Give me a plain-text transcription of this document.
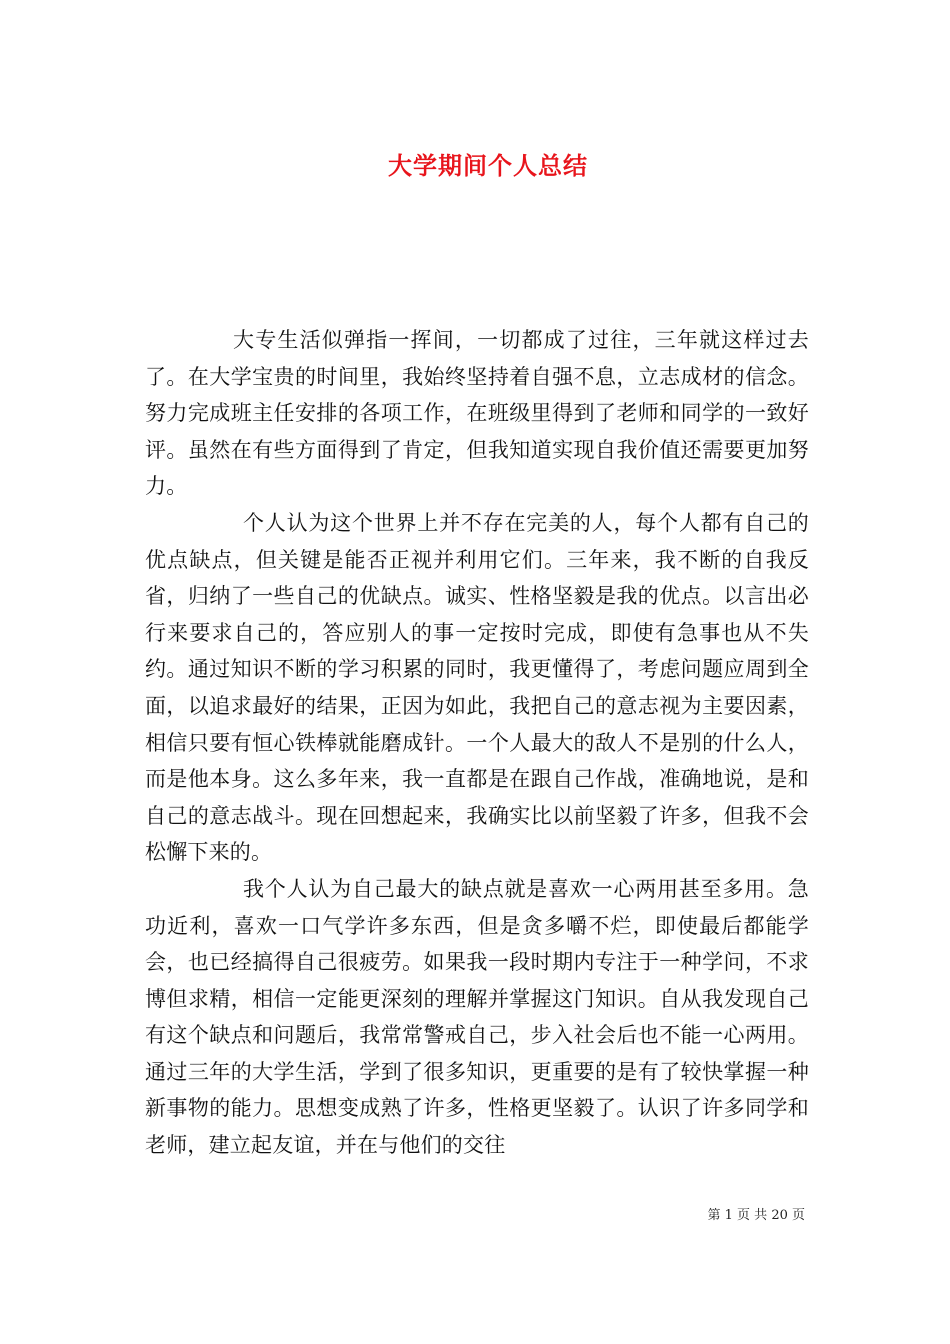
大学期间个人总结

大专生活似弹指一挥间，一切都成了过往，三年就这样过去了。在大学宝贵的时间里，我始终坚持着自强不息，立志成材的信念。努力完成班主任安排的各项工作，在班级里得到了老师和同学的一致好评。虽然在有些方面得到了肯定，但我知道实现自我价值还需要更加努力。

个人认为这个世界上并不存在完美的人，每个人都有自己的优点缺点，但关键是能否正视并利用它们。三年来，我不断的自我反省，归纳了一些自己的优缺点。诚实、性格坚毅是我的优点。以言出必行来要求自己的，答应别人的事一定按时完成，即使有急事也从不失约。通过知识不断的学习积累的同时，我更懂得了，考虑问题应周到全面，以追求最好的结果，正因为如此，我把自己的意志视为主要因素，相信只要有恒心铁棒就能磨成针。一个人最大的敌人不是别的什么人，而是他本身。这么多年来，我一直都是在跟自己作战，准确地说，是和自己的意志战斗。现在回想起来，我确实比以前坚毅了许多，但我不会松懈下来的。

我个人认为自己最大的缺点就是喜欢一心两用甚至多用。急功近利，喜欢一口气学许多东西，但是贪多嚼不烂，即使最后都能学会，也已经搞得自己很疲劳。如果我一段时期内专注于一种学问，不求博但求精，相信一定能更深刻的理解并掌握这门知识。自从我发现自己有这个缺点和问题后，我常常警戒自己，步入社会后也不能一心两用。通过三年的大学生活，学到了很多知识，更重要的是有了较快掌握一种新事物的能力。思想变成熟了许多，性格更坚毅了。认识了许多同学和老师，建立起友谊，并在与他们的交往

第 1 页 共 20 页
